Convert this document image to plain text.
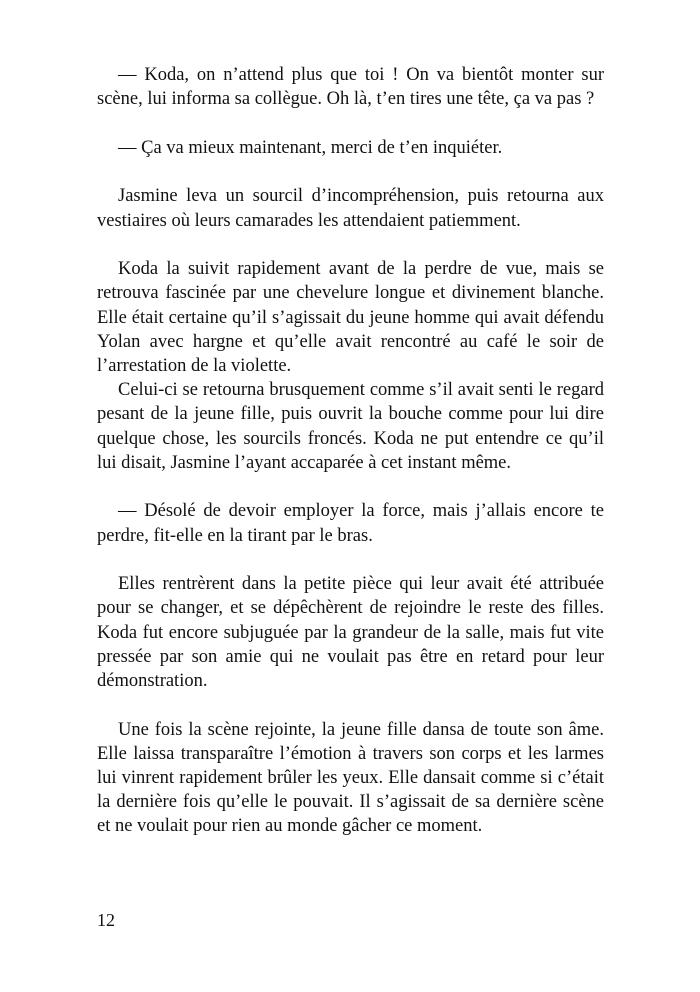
— Koda, on n’attend plus que toi ! On va bientôt monter sur scène, lui informa sa collègue. Oh là, t’en tires une tête, ça va pas ?

— Ça va mieux maintenant, merci de t’en inquiéter.

Jasmine leva un sourcil d’incompréhension, puis retourna aux vestiaires où leurs camarades les attendaient patiemment.

Koda la suivit rapidement avant de la perdre de vue, mais se retrouva fascinée par une chevelure longue et divinement blanche. Elle était certaine qu’il s’agissait du jeune homme qui avait défendu Yolan avec hargne et qu’elle avait rencontré au café le soir de l’arrestation de la violette.

Celui-ci se retourna brusquement comme s’il avait senti le regard pesant de la jeune fille, puis ouvrit la bouche comme pour lui dire quelque chose, les sourcils froncés. Koda ne put entendre ce qu’il lui disait, Jasmine l’ayant accaparée à cet instant même.

— Désolé de devoir employer la force, mais j’allais encore te perdre, fit-elle en la tirant par le bras.

Elles rentrèrent dans la petite pièce qui leur avait été attribuée pour se changer, et se dépêchèrent de rejoindre le reste des filles. Koda fut encore subjuguée par la grandeur de la salle, mais fut vite pressée par son amie qui ne voulait pas être en retard pour leur démonstration.

Une fois la scène rejointe, la jeune fille dansa de toute son âme. Elle laissa transparaître l’émotion à travers son corps et les larmes lui vinrent rapidement brûler les yeux. Elle dansait comme si c’était la dernière fois qu’elle le pouvait. Il s’agissait de sa dernière scène et ne voulait pour rien au monde gâcher ce moment.

12
